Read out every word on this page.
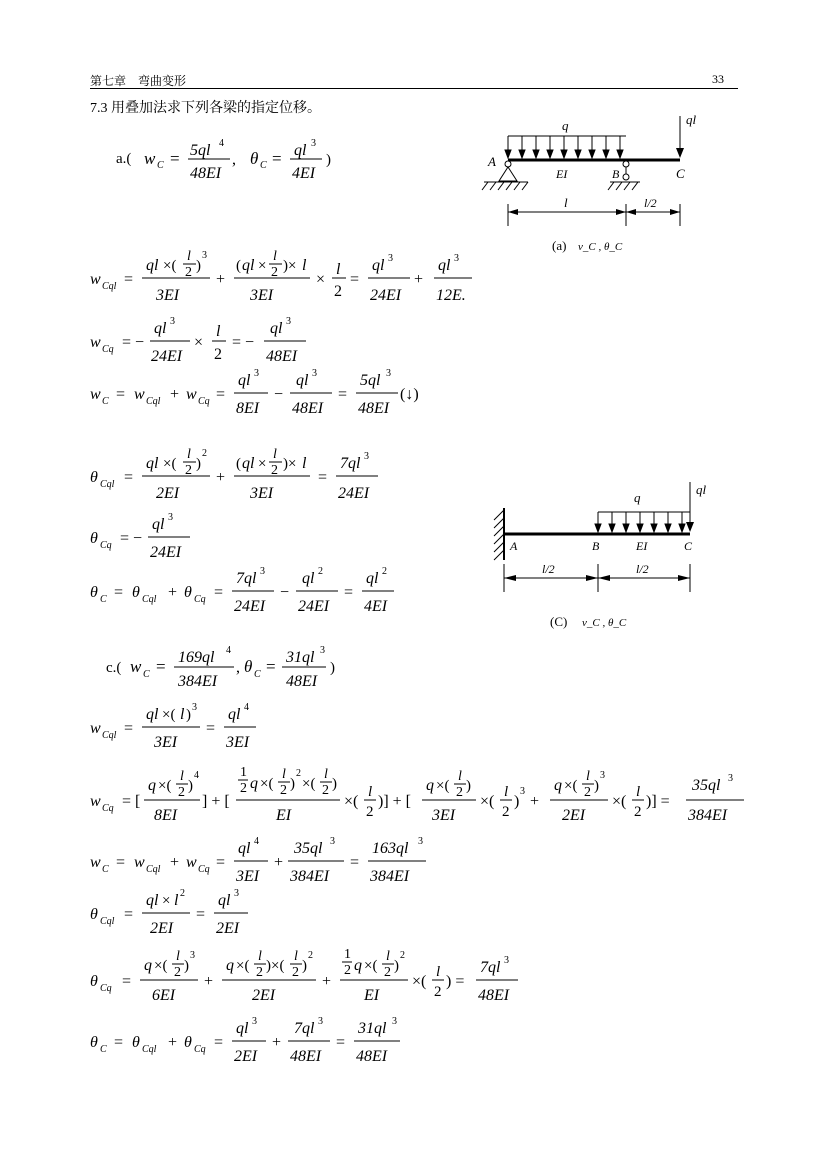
第七章　弯曲变形	33
7.3 用叠加法求下列各梁的指定位移。
a.( w C = 5ql 4
48EI
, θ C = ql 3
4EI
)
w Cql =
ql ×(
l
2 )
3
3EI
+
( ql ×
l
2 )× l
3EI
×
l
2
=
ql 3
24EI
+
ql 3
12E.
w Cq = −
ql 3
24EI
×
l
2
= −
ql 3
48EI
w C = w Cql + w Cq =
ql 3
8EI
−
ql 3
48EI
=
5ql 3
48EI
(↓)
θ Cql =
ql ×(
l
2 )
2
2EI
+
( ql ×
l
2 )× l
3EI
=
7ql 3
24EI
θ Cq = −
ql 3
24EI
θ C = θ Cql + θ Cq =
7ql 3
24EI
−
ql 2
24EI
=
ql 2
4EI
c.( w C = 169ql 4
384EI
, θ C = 31ql 3
48EI
)
w Cql =
ql ×( l ) 3
3EI
=
ql 4
3EI
w Cq = [
q ×(
l
2 )
4
8EI
] + [
1
2 q ×(
l
2 )
2
×(
l
2 )
EI
×(
l
2
)] + [
q ×(
l
2 )
3EI
×(
l
2
)
3
+
q ×(
l
2 )
3
2EI
×(
l
2
)] =
35ql 3
384EI
w C = w Cql + w Cq =
ql 4
3EI
+
35ql 3
384EI
=
163ql 3
384EI
θ Cql =
ql × l 2
2EI
=
ql 3
2EI
θ Cq =
q ×(
l
2 )
3
6EI
+
q ×(
l
2 )×(
l
2 )
2
2EI
+
1
2 q ×(
l
2 )
2
EI
×(
l
2
) =
7ql 3
48EI
θ C = θ Cql + θ Cq =
ql 3
2EI
+
7ql 3
48EI
=
31ql 3
48EI
q	ql
A
B	C
EI
l	l/2
(a) v_C , θ_C
q
ql
A	B	EI	C
l/2	l/2
(C) v_C , θ_C
